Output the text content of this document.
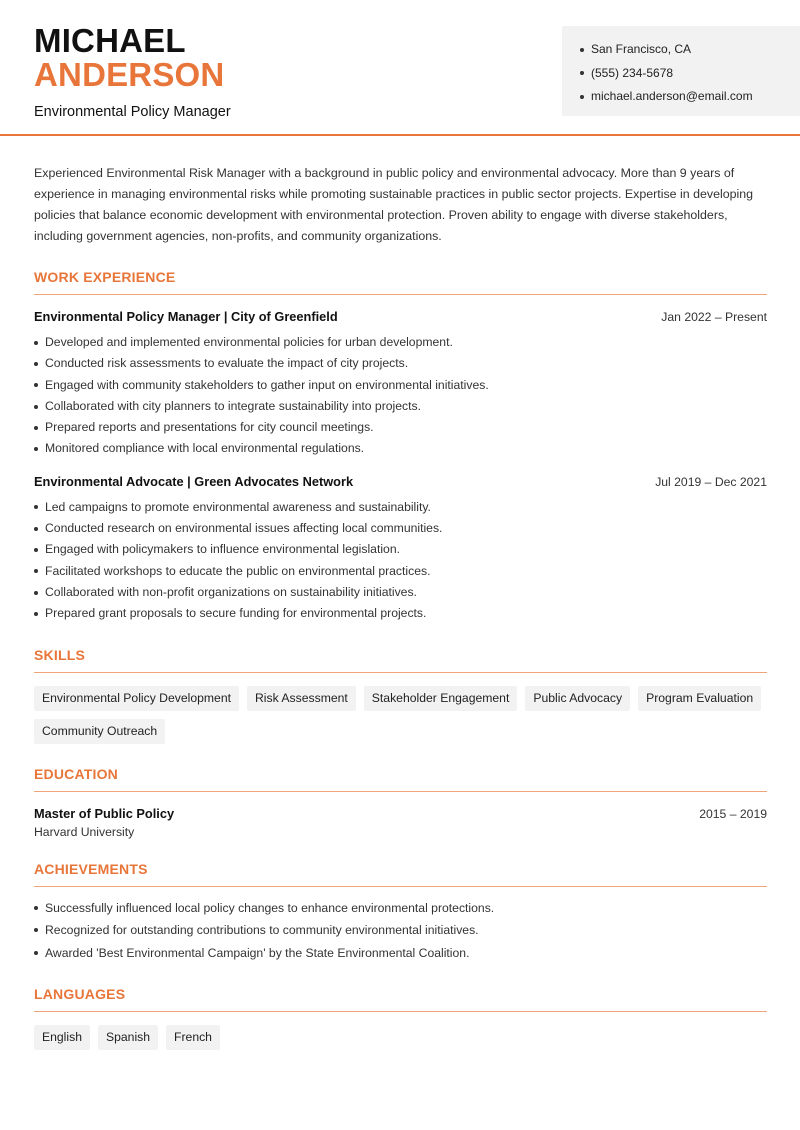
MICHAEL
ANDERSON
Environmental Policy Manager
San Francisco, CA
(555) 234-5678
michael.anderson@email.com

Experienced Environmental Risk Manager with a background in public policy and environmental advocacy. More than 9 years of experience in managing environmental risks while promoting sustainable practices in public sector projects. Expertise in developing policies that balance economic development with environmental protection. Proven ability to engage with diverse stakeholders, including government agencies, non-profits, and community organizations.

WORK EXPERIENCE
Environmental Policy Manager | City of Greenfield	Jan 2022 – Present
Developed and implemented environmental policies for urban development.
Conducted risk assessments to evaluate the impact of city projects.
Engaged with community stakeholders to gather input on environmental initiatives.
Collaborated with city planners to integrate sustainability into projects.
Prepared reports and presentations for city council meetings.
Monitored compliance with local environmental regulations.
Environmental Advocate | Green Advocates Network	Jul 2019 – Dec 2021
Led campaigns to promote environmental awareness and sustainability.
Conducted research on environmental issues affecting local communities.
Engaged with policymakers to influence environmental legislation.
Facilitated workshops to educate the public on environmental practices.
Collaborated with non-profit organizations on sustainability initiatives.
Prepared grant proposals to secure funding for environmental projects.
SKILLS
Environmental Policy Development	Risk Assessment	Stakeholder Engagement	Public Advocacy	Program Evaluation
Community Outreach
EDUCATION
Master of Public Policy	2015 – 2019
Harvard University
ACHIEVEMENTS
Successfully influenced local policy changes to enhance environmental protections.
Recognized for outstanding contributions to community environmental initiatives.
Awarded 'Best Environmental Campaign' by the State Environmental Coalition.
LANGUAGES
English	Spanish	French
